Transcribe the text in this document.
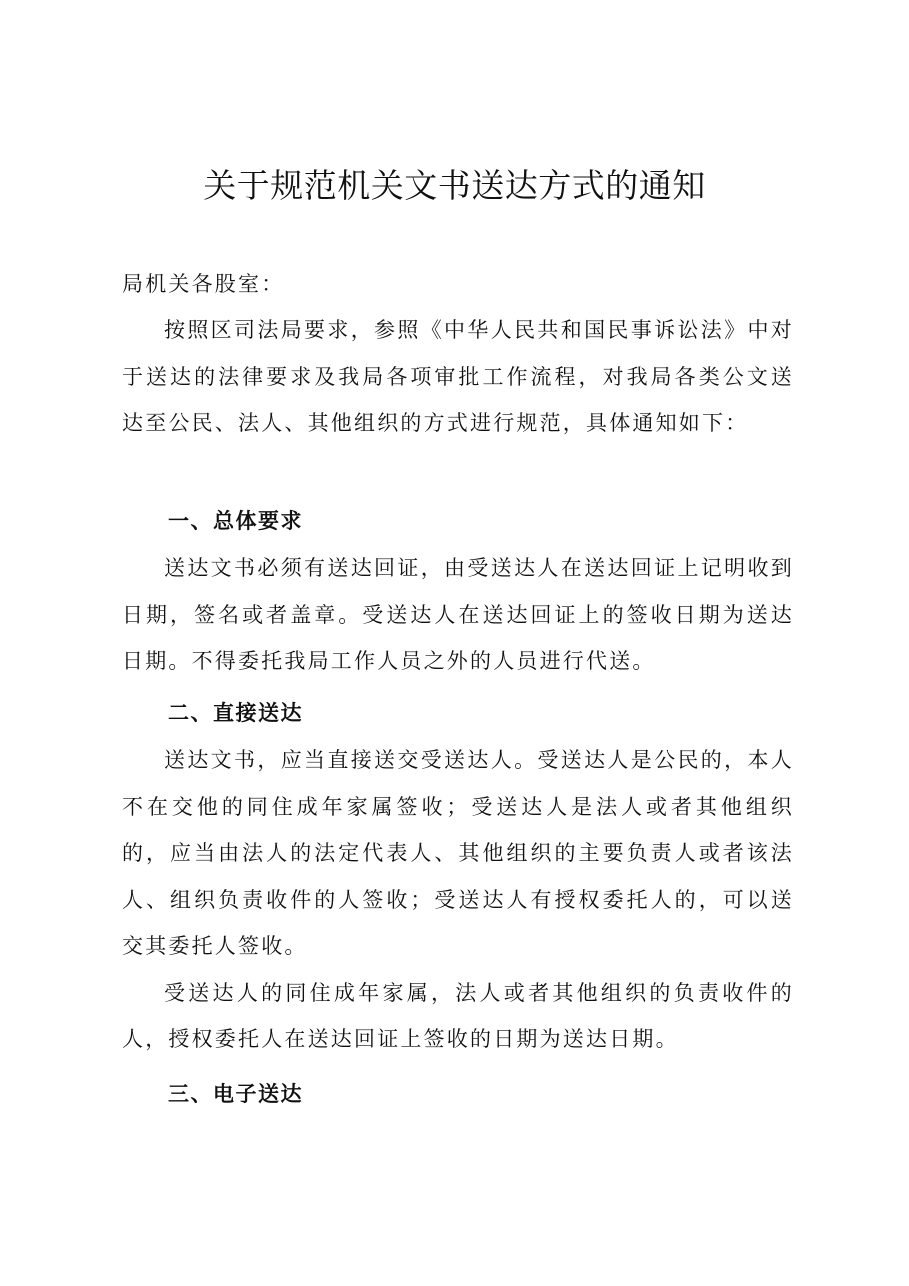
关于规范机关文书送达方式的通知
局机关各股室：

按照区司法局要求，参照《中华人民共和国民事诉讼法》中对于送达的法律要求及我局各项审批工作流程，对我局各类公文送达至公民、法人、其他组织的方式进行规范，具体通知如下：

一、总体要求

送达文书必须有送达回证，由受送达人在送达回证上记明收到日期，签名或者盖章。受送达人在送达回证上的签收日期为送达日期。不得委托我局工作人员之外的人员进行代送。

二、直接送达

送达文书，应当直接送交受送达人。受送达人是公民的，本人不在交他的同住成年家属签收；受送达人是法人或者其他组织的，应当由法人的法定代表人、其他组织的主要负责人或者该法人、组织负责收件的人签收；受送达人有授权委托人的，可以送交其委托人签收。

受送达人的同住成年家属，法人或者其他组织的负责收件的人，授权委托人在送达回证上签收的日期为送达日期。

三、电子送达
